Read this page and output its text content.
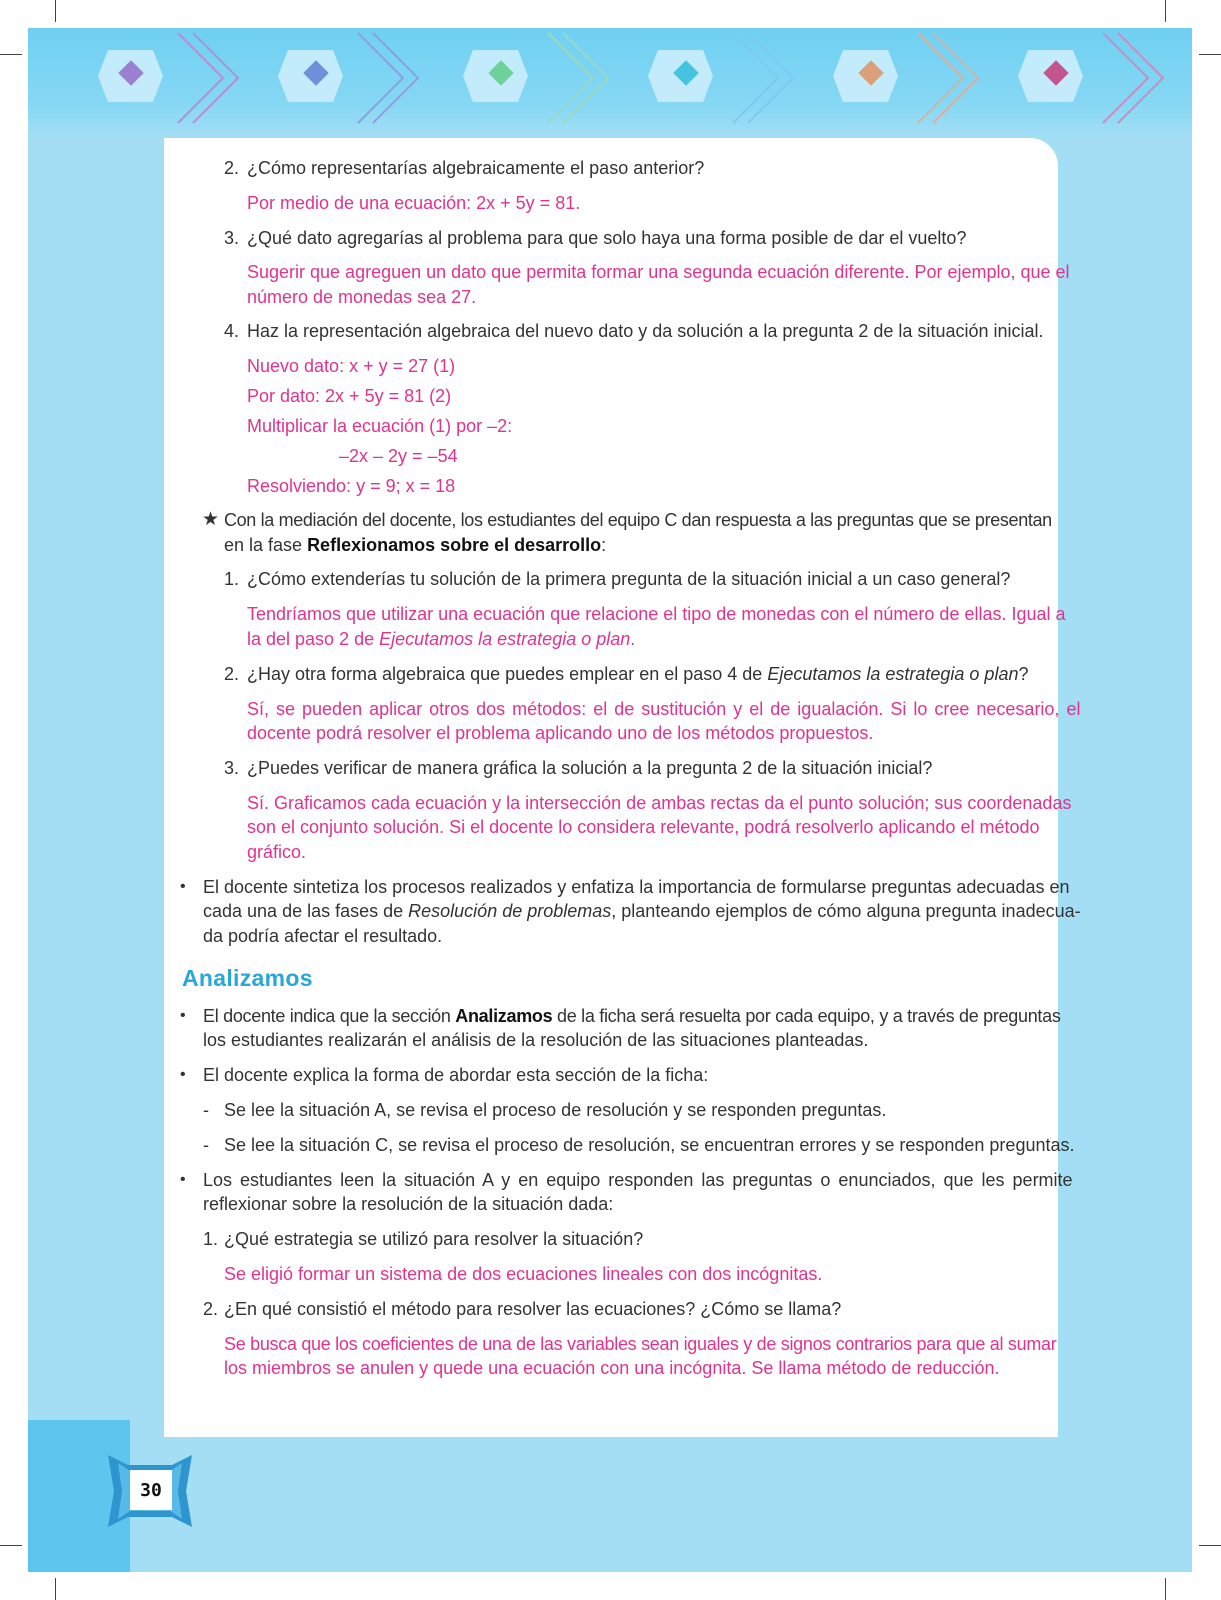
2. ¿Cómo representarías algebraicamente el paso anterior?
Por medio de una ecuación: 2x + 5y = 81.
3. ¿Qué dato agregarías al problema para que solo haya una forma posible de dar el vuelto?
Sugerir que agreguen un dato que permita formar una segunda ecuación diferente. Por ejemplo, que el
número de monedas sea 27.
4. Haz la representación algebraica del nuevo dato y da solución a la pregunta 2 de la situación inicial.
Nuevo dato: x + y = 27 (1)
Por dato: 2x + 5y = 81 (2)
Multiplicar la ecuación (1) por –2:
–2x – 2y = –54
Resolviendo: y = 9; x = 18
★ Con la mediación del docente, los estudiantes del equipo C dan respuesta a las preguntas que se presentan
en la fase Reflexionamos sobre el desarrollo:
1. ¿Cómo extenderías tu solución de la primera pregunta de la situación inicial a un caso general?
Tendríamos que utilizar una ecuación que relacione el tipo de monedas con el número de ellas. Igual a
la del paso 2 de Ejecutamos la estrategia o plan.
2. ¿Hay otra forma algebraica que puedes emplear en el paso 4 de Ejecutamos la estrategia o plan?
Sí, se pueden aplicar otros dos métodos: el de sustitución y el de igualación. Si lo cree necesario, el
docente podrá resolver el problema aplicando uno de los métodos propuestos.
3. ¿Puedes verificar de manera gráfica la solución a la pregunta 2 de la situación inicial?
Sí. Graficamos cada ecuación y la intersección de ambas rectas da el punto solución; sus coordenadas
son el conjunto solución. Si el docente lo considera relevante, podrá resolverlo aplicando el método
gráfico.
• El docente sintetiza los procesos realizados y enfatiza la importancia de formularse preguntas adecuadas en
cada una de las fases de Resolución de problemas, planteando ejemplos de cómo alguna pregunta inadecua-
da podría afectar el resultado.
Analizamos
• El docente indica que la sección Analizamos de la ficha será resuelta por cada equipo, y a través de preguntas
los estudiantes realizarán el análisis de la resolución de las situaciones planteadas.
• El docente explica la forma de abordar esta sección de la ficha:
- Se lee la situación A, se revisa el proceso de resolución y se responden preguntas.
- Se lee la situación C, se revisa el proceso de resolución, se encuentran errores y se responden preguntas.
• Los estudiantes leen la situación A y en equipo responden las preguntas o enunciados, que les permite
reflexionar sobre la resolución de la situación dada:
1. ¿Qué estrategia se utilizó para resolver la situación?
Se eligió formar un sistema de dos ecuaciones lineales con dos incógnitas.
2. ¿En qué consistió el método para resolver las ecuaciones? ¿Cómo se llama?
Se busca que los coeficientes de una de las variables sean iguales y de signos contrarios para que al sumar
los miembros se anulen y quede una ecuación con una incógnita. Se llama método de reducción.
30
